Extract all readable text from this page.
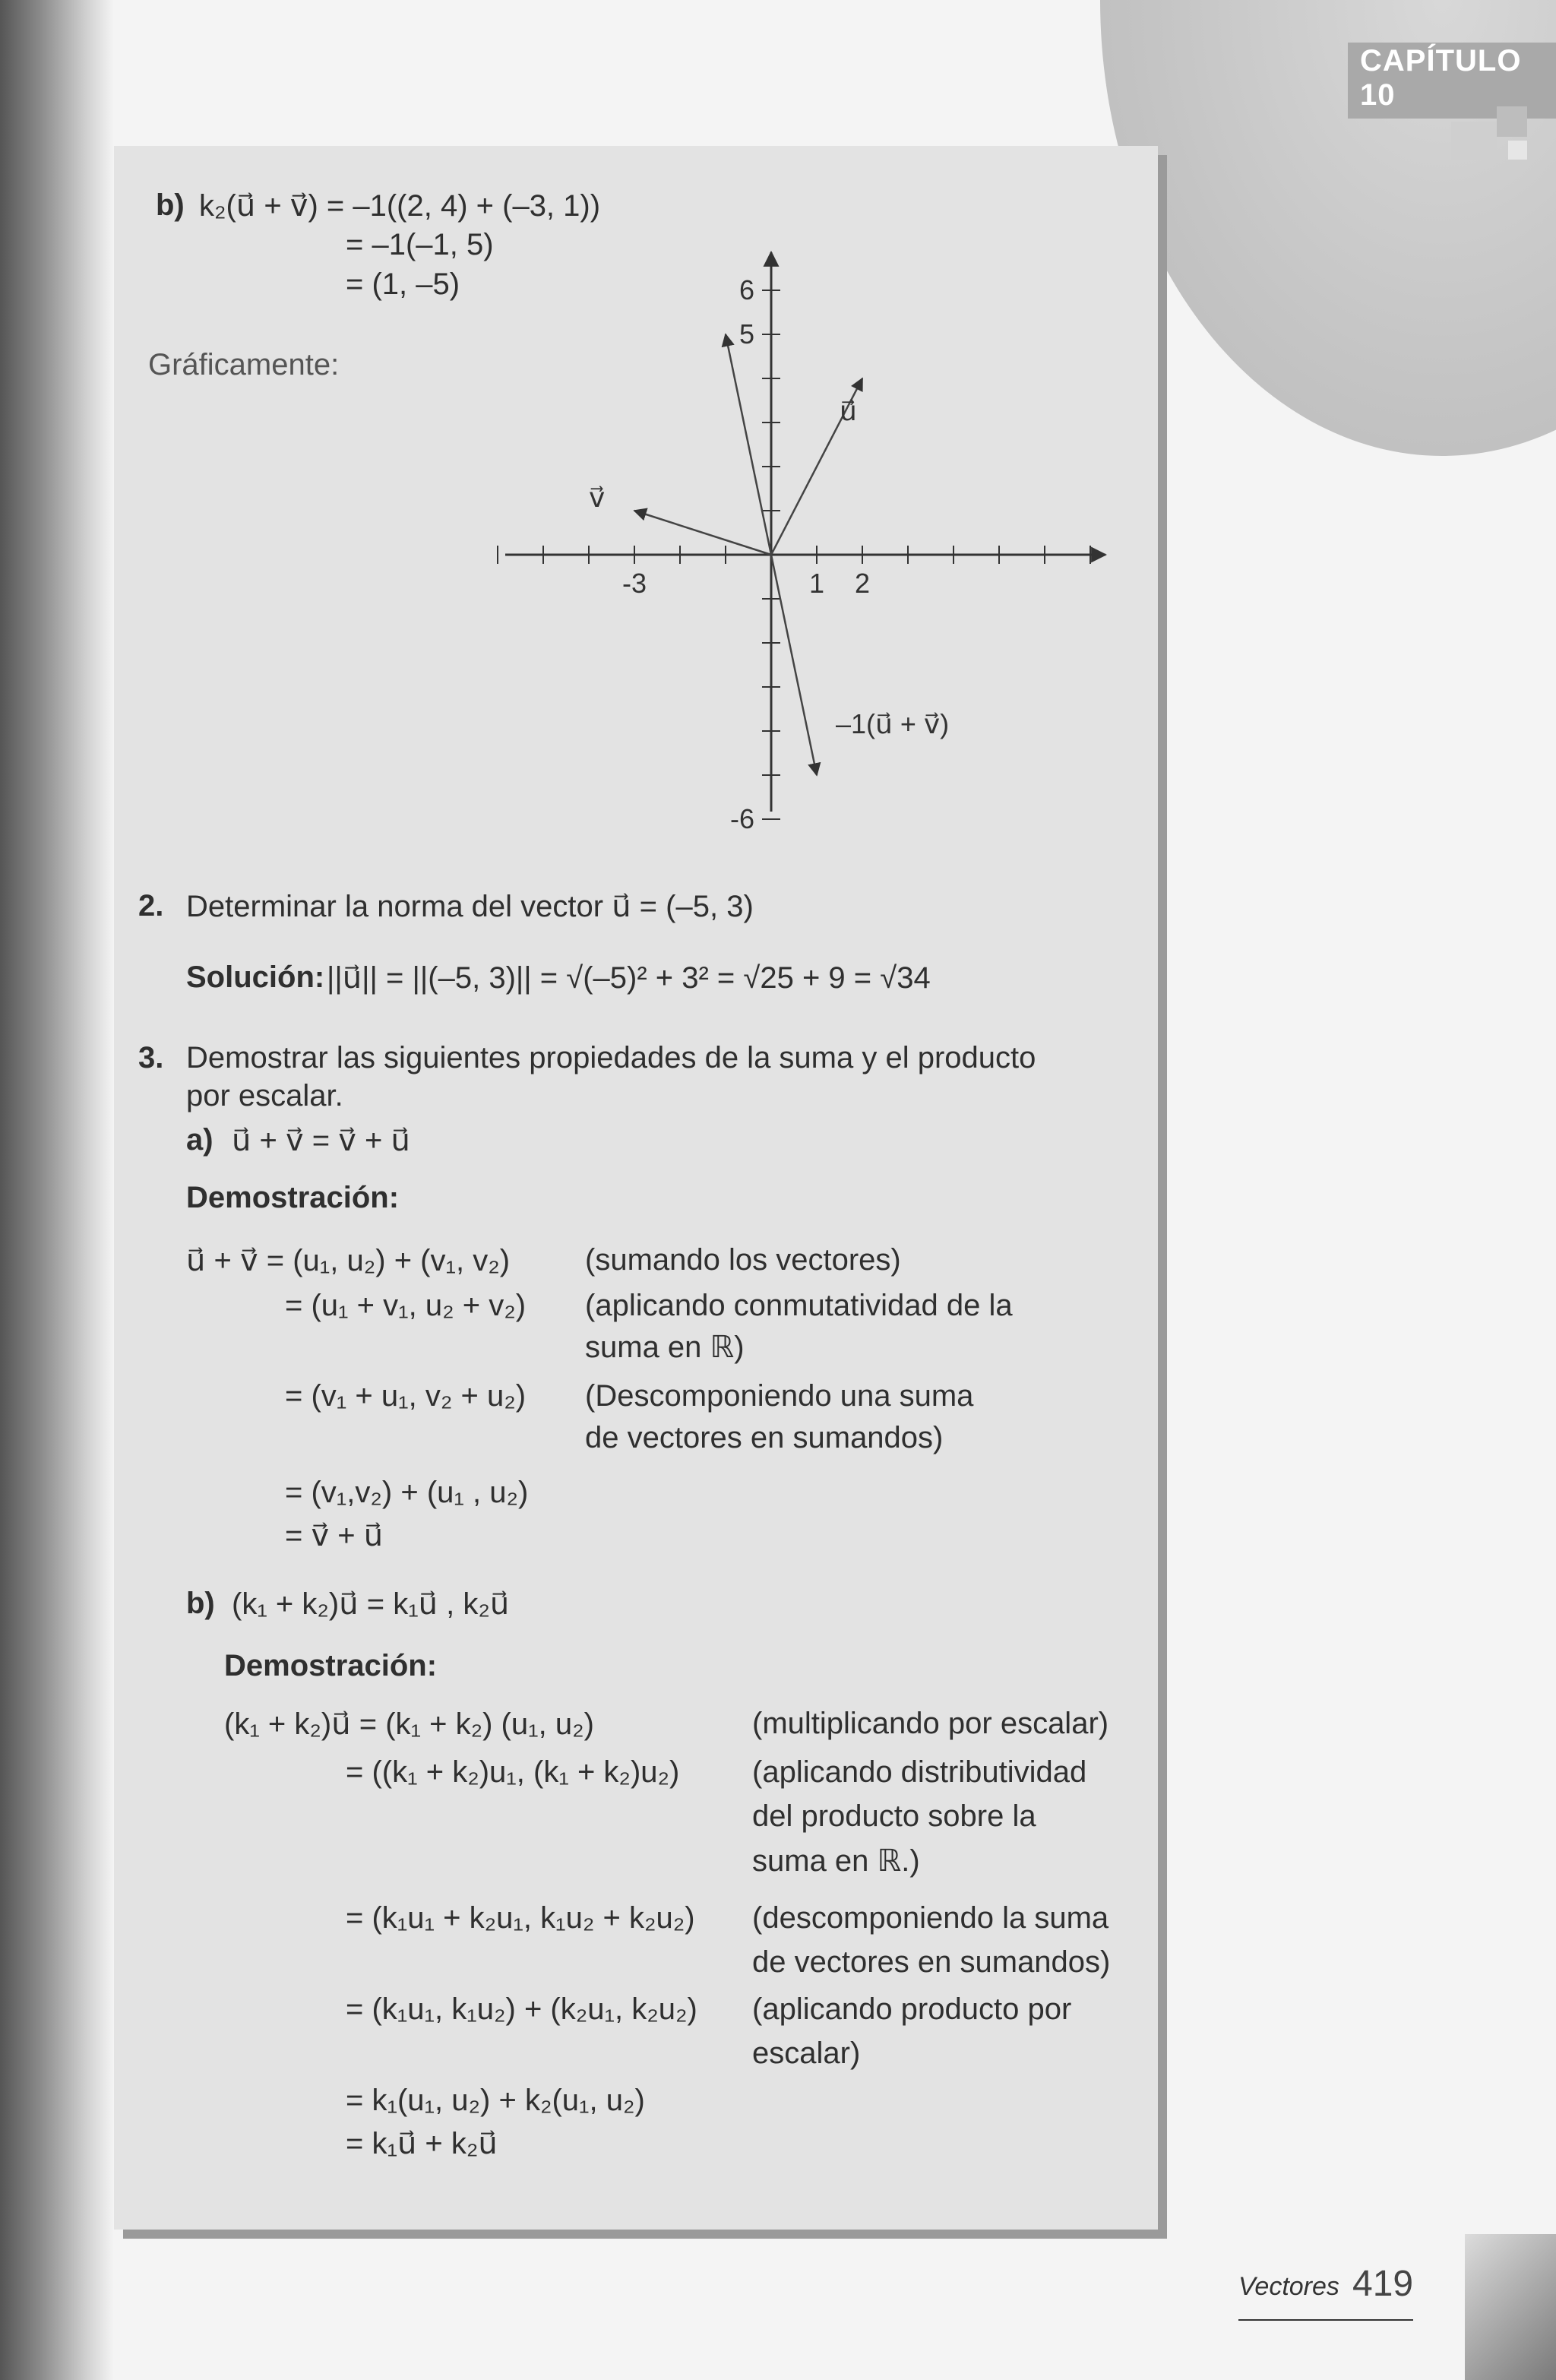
CAPÍTULO 10
b) k₂(u⃗ + v⃗) = –1((2, 4) + (–3, 1))
= –1(–1, 5)
= (1, –5)
Gráficamente:
-3	1 2
6
5
-6
u⃗
v⃗
–1(u⃗ + v⃗)
2. Determinar la norma del vector u⃗ = (–5, 3)
Solución: ||u⃗|| = ||(–5, 3)|| = √(–5)² + 3² = √25 + 9 = √34
3. Demostrar las siguientes propiedades de la suma y el producto
por escalar.
a) u⃗ + v⃗ = v⃗ + u⃗
Demostración:
u⃗ + v⃗ = (u₁, u₂) + (v₁, v₂) (sumando los vectores)
= (u₁ + v₁, u₂ + v₂) (aplicando conmutatividad de la
suma en ℝ)
= (v₁ + u₁, v₂ + u₂) (Descomponiendo una suma
de vectores en sumandos)
= (v₁,v₂) + (u₁ , u₂)
= v⃗ + u⃗
b) (k₁ + k₂)u⃗ = k₁u⃗ , k₂u⃗
Demostración:
(k₁ + k₂)u⃗ = (k₁ + k₂) (u₁, u₂)	(multiplicando por escalar)
= ((k₁ + k₂)u₁, (k₁ + k₂)u₂) (aplicando distributividad
del producto sobre la
suma en ℝ.)
= (k₁u₁ + k₂u₁, k₁u₂ + k₂u₂) (descomponiendo la suma
de vectores en sumandos)
= (k₁u₁, k₁u₂) + (k₂u₁, k₂u₂) (aplicando producto por
escalar)
= k₁(u₁, u₂) + k₂(u₁, u₂)
= k₁u⃗ + k₂u⃗
Vectores 419
